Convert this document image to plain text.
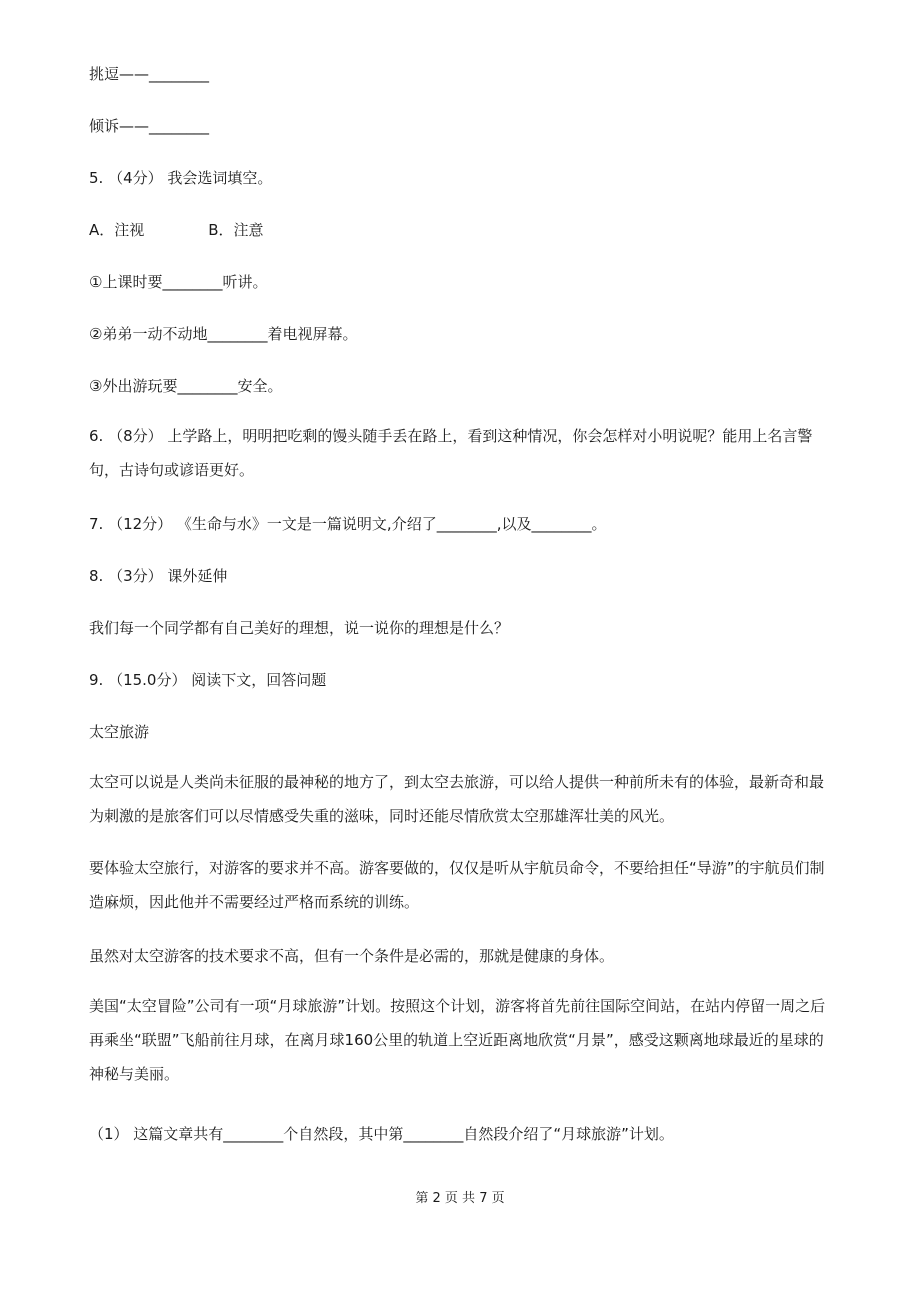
挑逗——________
倾诉——________
5. （4分） 我会选词填空。
A．注视	B．注意
①上课时要________听讲。
②弟弟一动不动地________着电视屏幕。
③外出游玩要________安全。
6. （8分） 上学路上，明明把吃剩的馒头随手丢在路上，看到这种情况，你会怎样对小明说呢？能用上名言警句，古诗句或谚语更好。
7. （12分） 《生命与水》一文是一篇说明文,介绍了________,以及________。
8. （3分） 课外延伸
我们每一个同学都有自己美好的理想，说一说你的理想是什么？
9. （15.0分） 阅读下文，回答问题
太空旅游
太空可以说是人类尚未征服的最神秘的地方了，到太空去旅游，可以给人提供一种前所未有的体验，最新奇和最为刺激的是旅客们可以尽情感受失重的滋味，同时还能尽情欣赏太空那雄浑壮美的风光。
要体验太空旅行，对游客的要求并不高。游客要做的，仅仅是听从宇航员命令，不要给担任“导游”的宇航员们制造麻烦，因此他并不需要经过严格而系统的训练。
虽然对太空游客的技术要求不高，但有一个条件是必需的，那就是健康的身体。
美国“太空冒险”公司有一项“月球旅游”计划。按照这个计划，游客将首先前往国际空间站，在站内停留一周之后再乘坐“联盟”飞船前往月球，在离月球160公里的轨道上空近距离地欣赏“月景”，感受这颗离地球最近的星球的神秘与美丽。
（1） 这篇文章共有________个自然段，其中第________自然段介绍了“月球旅游”计划。
第 2 页 共 7 页
